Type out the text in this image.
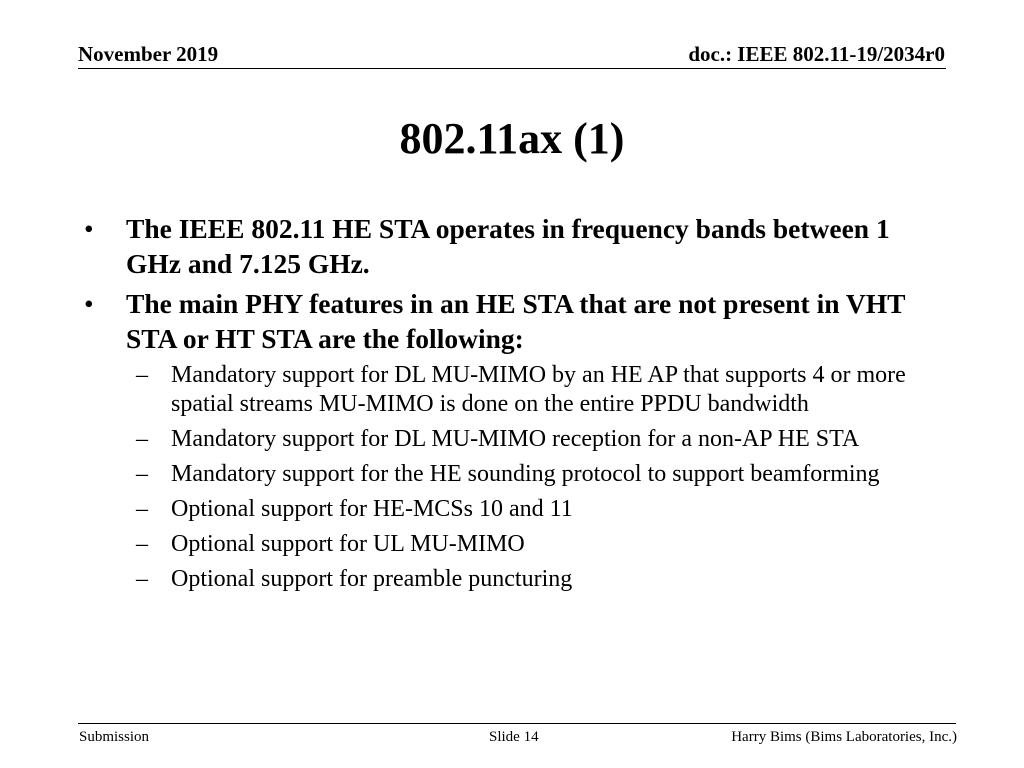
November 2019	doc.: IEEE 802.11-19/2034r0
802.11ax (1)
•	The IEEE 802.11 HE STA operates in frequency bands between 1 GHz and 7.125 GHz.
•	The main PHY features in an HE STA that are not present in VHT STA or HT STA are the following:
– Mandatory support for DL MU-MIMO by an HE AP that supports 4 or more spatial streams MU-MIMO is done on the entire PPDU bandwidth
– Mandatory support for DL MU-MIMO reception for a non-AP HE STA
– Mandatory support for the HE sounding protocol to support beamforming
– Optional support for HE-MCSs 10 and 11
– Optional support for UL MU-MIMO
– Optional support for preamble puncturing
Submission	Slide 14	Harry Bims (Bims Laboratories, Inc.)
